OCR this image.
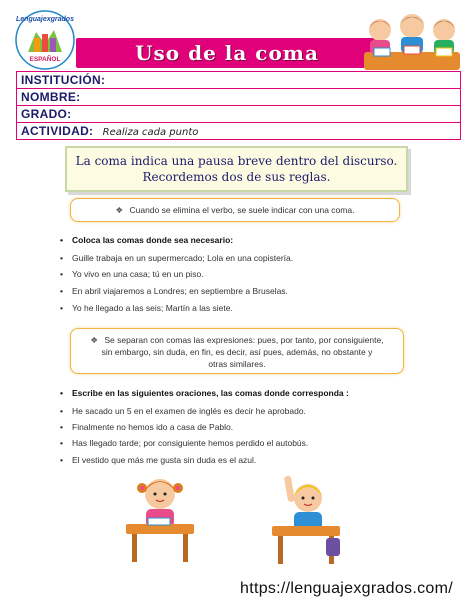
Lenguajexgrados
ESPAÑOL	Uso de la coma
INSTITUCIÓN:
NOMBRE:
GRADO:
ACTIVIDAD: Realiza cada punto
La coma indica una pausa breve dentro del discurso.
Recordemos dos de sus reglas.
❖ Cuando se elimina el verbo, se suele indicar con una coma.
• Coloca las comas donde sea necesario:
• Guille trabaja en un supermercado; Lola en una copistería.
• Yo vivo en una casa; tú en un piso.
• En abril viajaremos a Londres; en septiembre a Bruselas.
• Yo he llegado a las seis; Martín a las siete.
❖ Se separan con comas las expresiones: pues, por tanto, por consiguiente,
sin embargo, sin duda, en fin, es decir, así pues, además, no obstante y
otras similares.
• Escribe en las siguientes oraciones, las comas donde corresponda :
• He sacado un 5 en el examen de inglés es decir he aprobado.
• Finalmente no hemos ido a casa de Pablo.
• Has llegado tarde; por consiguiente hemos perdido el autobús.
• El vestido que más me gusta sin duda es el azul.
https://lenguajexgrados.com/
